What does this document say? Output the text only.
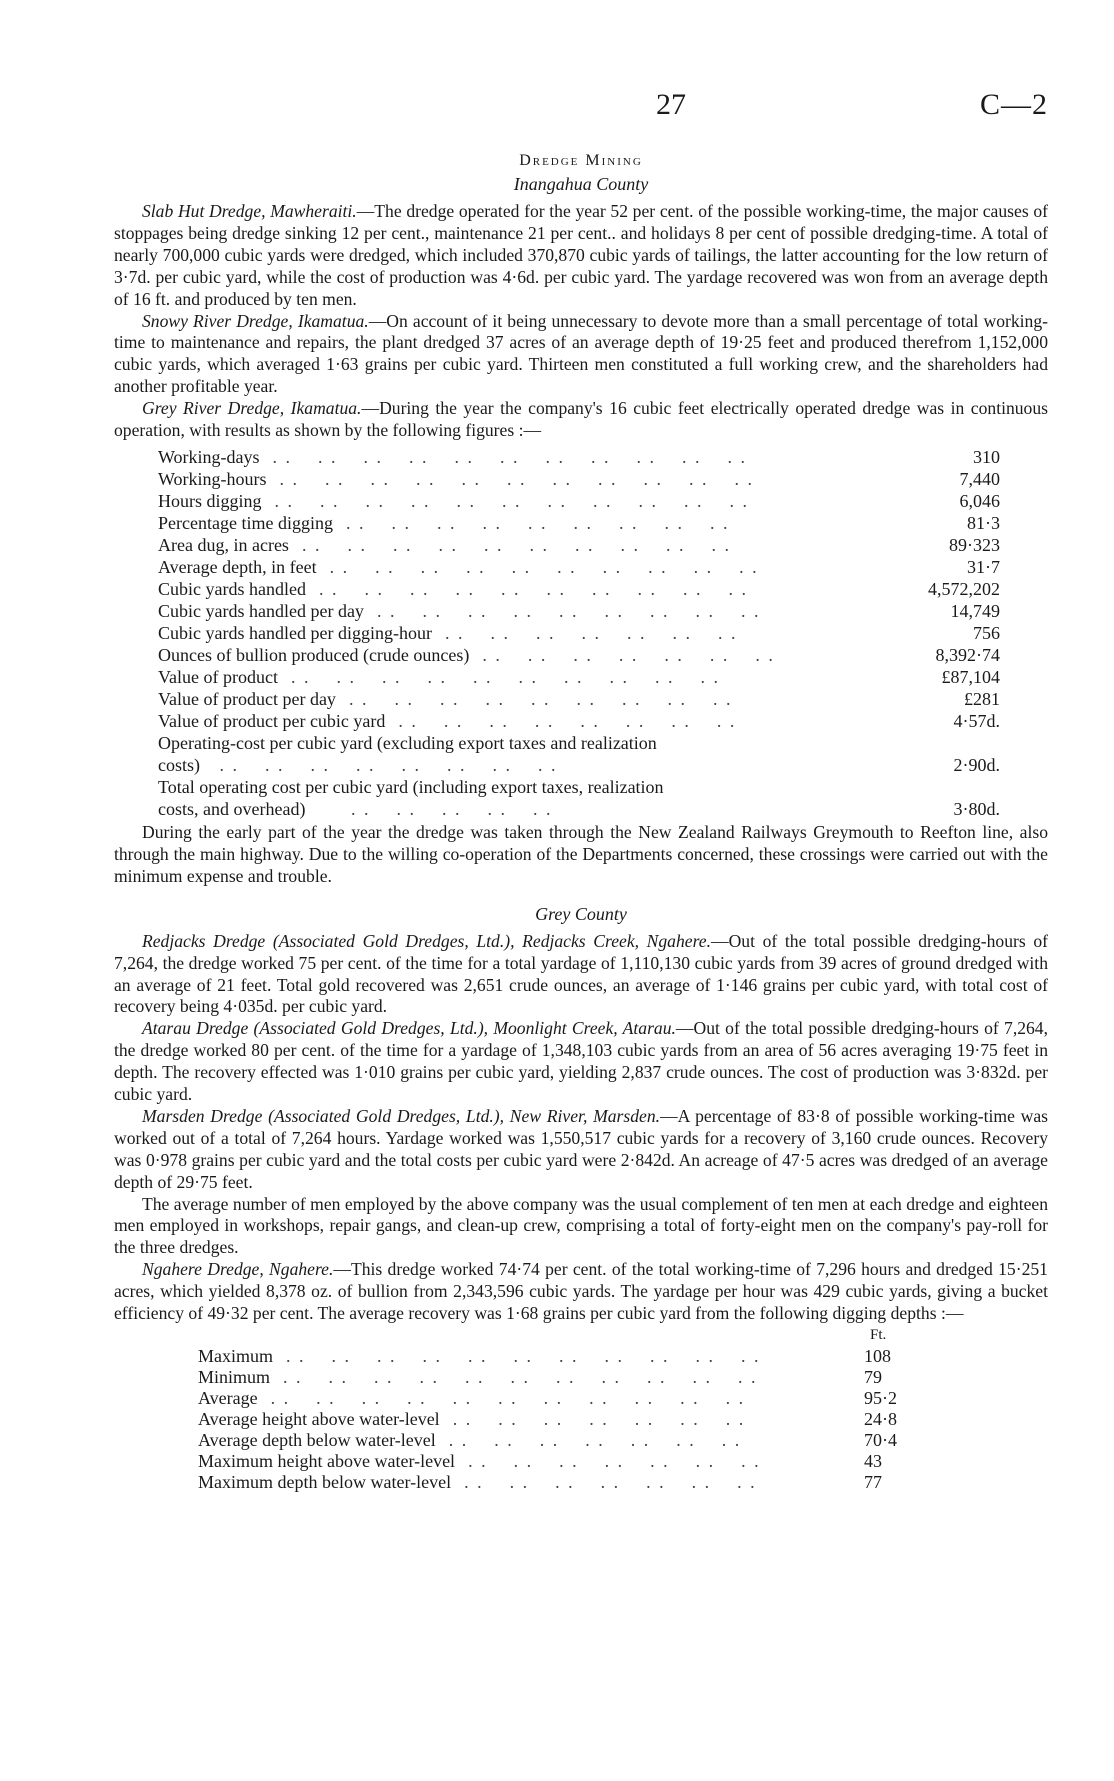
27	C—2
Dredge Mining
Inangahua County

Slab Hut Dredge, Mawheraiti.—The dredge operated for the year 52 per cent. of the possible working-time, the major causes of stoppages being dredge sinking 12 per cent., maintenance 21 per cent.. and holidays 8 per cent of possible dredging-time. A total of nearly 700,000 cubic yards were dredged, which included 370,870 cubic yards of tailings, the latter accounting for the low return of 3·7d. per cubic yard, while the cost of production was 4·6d. per cubic yard. The yardage recovered was won from an average depth of 16 ft. and produced by ten men.

Snowy River Dredge, Ikamatua.—On account of it being unnecessary to devote more than a small percentage of total working-time to maintenance and repairs, the plant dredged 37 acres of an average depth of 19·25 feet and produced therefrom 1,152,000 cubic yards, which averaged 1·63 grains per cubic yard. Thirteen men constituted a full working crew, and the shareholders had another profitable year.

Grey River Dredge, Ikamatua.—During the year the company's 16 cubic feet electrically operated dredge was in continuous operation, with results as shown by the following figures :—

Working-days  . .    . .    . .    . .    . .    . .    . .    . .    . .    . .    . .	310
Working-hours  . .    . .    . .    . .    . .    . .    . .    . .    . .    . .    . .	7,440
Hours digging  . .    . .    . .    . .    . .    . .    . .    . .    . .    . .    . .	6,046
Percentage time digging  . .    . .    . .    . .    . .    . .    . .    . .    . .	81·3
Area dug, in acres  . .    . .    . .    . .    . .    . .    . .    . .    . .    . .	89·323
Average depth, in feet  . .    . .    . .    . .    . .    . .    . .    . .    . .    . .	31·7
Cubic yards handled  . .    . .    . .    . .    . .    . .    . .    . .    . .    . .	4,572,202
Cubic yards handled per day  . .    . .    . .    . .    . .    . .    . .    . .    . .	14,749
Cubic yards handled per digging-hour  . .    . .    . .    . .    . .    . .    . .	756
Ounces of bullion produced (crude ounces)  . .    . .    . .    . .    . .    . .    . .	8,392·74
Value of product  . .    . .    . .    . .    . .    . .    . .    . .    . .    . .	£87,104
Value of product per day  . .    . .    . .    . .    . .    . .    . .    . .    . .	£281
Value of product per cubic yard  . .    . .    . .    . .    . .    . .    . .    . .	4·57d.
Operating-cost per cubic yard (excluding export taxes and realization	
costs)   . .    . .    . .    . .    . .    . .    . .    . .	2·90d.
Total operating cost per cubic yard (including export taxes, realization	
costs, and overhead)       . .    . .    . .    . .    . .	3·80d.

During the early part of the year the dredge was taken through the New Zealand Railways Greymouth to Reefton line, also through the main highway. Due to the willing co-operation of the Departments concerned, these crossings were carried out with the minimum expense and trouble.

Grey County

Redjacks Dredge (Associated Gold Dredges, Ltd.), Redjacks Creek, Ngahere.—Out of the total possible dredging-hours of 7,264, the dredge worked 75 per cent. of the time for a total yardage of 1,110,130 cubic yards from 39 acres of ground dredged with an average of 21 feet. Total gold recovered was 2,651 crude ounces, an average of 1·146 grains per cubic yard, with total cost of recovery being 4·035d. per cubic yard.

Atarau Dredge (Associated Gold Dredges, Ltd.), Moonlight Creek, Atarau.—Out of the total possible dredging-hours of 7,264, the dredge worked 80 per cent. of the time for a yardage of 1,348,103 cubic yards from an area of 56 acres averaging 19·75 feet in depth. The recovery effected was 1·010 grains per cubic yard, yielding 2,837 crude ounces. The cost of production was 3·832d. per cubic yard.

Marsden Dredge (Associated Gold Dredges, Ltd.), New River, Marsden.—A percentage of 83·8 of possible working-time was worked out of a total of 7,264 hours. Yardage worked was 1,550,517 cubic yards for a recovery of 3,160 crude ounces. Recovery was 0·978 grains per cubic yard and the total costs per cubic yard were 2·842d. An acreage of 47·5 acres was dredged of an average depth of 29·75 feet.

The average number of men employed by the above company was the usual complement of ten men at each dredge and eighteen men employed in workshops, repair gangs, and clean-up crew, comprising a total of forty-eight men on the company's pay-roll for the three dredges.

Ngahere Dredge, Ngahere.—This dredge worked 74·74 per cent. of the total working-time of 7,296 hours and dredged 15·251 acres, which yielded 8,378 oz. of bullion from 2,343,596 cubic yards. The yardage per hour was 429 cubic yards, giving a bucket efficiency of 49·32 per cent. The average recovery was 1·68 grains per cubic yard from the following digging depths :—

	Ft.
Maximum  . .    . .    . .    . .    . .    . .    . .    . .    . .    . .    . .	108
Minimum  . .    . .    . .    . .    . .    . .    . .    . .    . .    . .    . .	79
Average  . .    . .    . .    . .    . .    . .    . .    . .    . .    . .    . .	95·2
Average height above water-level  . .    . .    . .    . .    . .    . .    . .	24·8
Average depth below water-level  . .    . .    . .    . .    . .    . .    . .	70·4
Maximum height above water-level  . .    . .    . .    . .    . .    . .    . .	43
Maximum depth below water-level  . .    . .    . .    . .    . .    . .    . .	77
